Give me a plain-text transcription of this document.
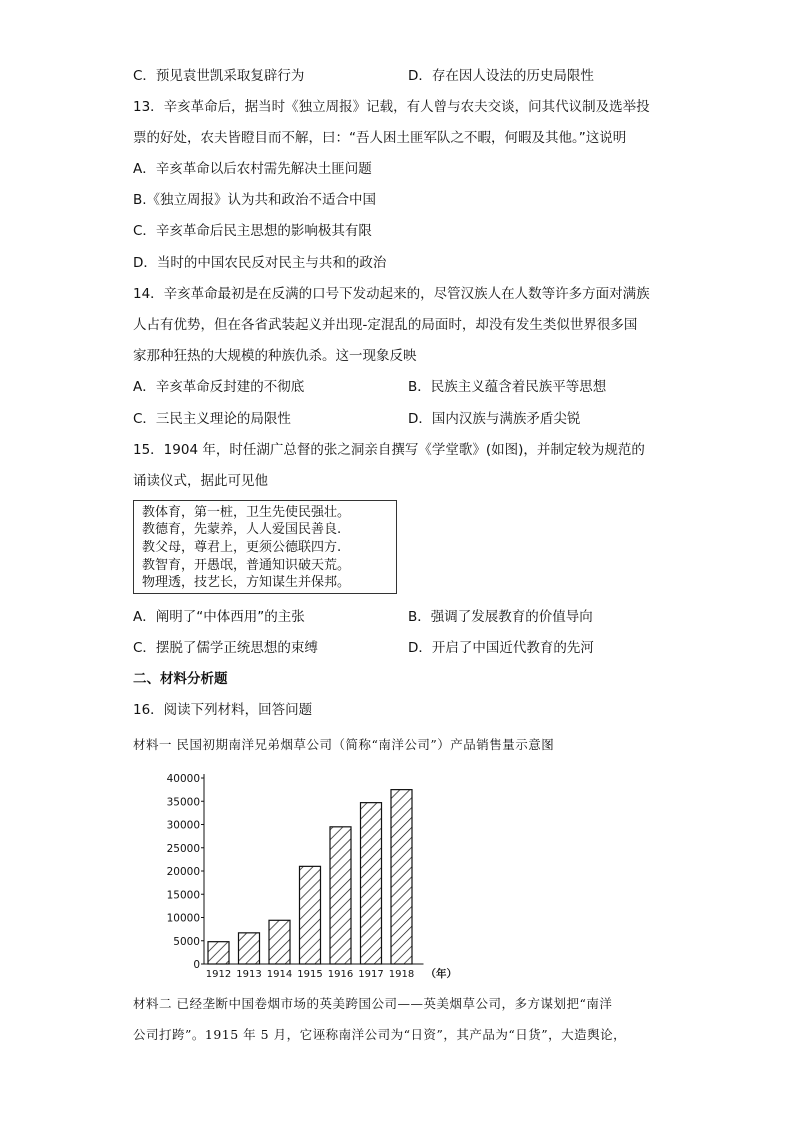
C．预见袁世凯采取复辟行为	D．存在因人设法的历史局限性
13．辛亥革命后，据当时《独立周报》记载，有人曾与农夫交谈，问其代议制及选举投
票的好处，农夫皆瞪目而不解，曰：“吾人困土匪军队之不暇，何暇及其他。”这说明
A．辛亥革命以后农村需先解决土匪问题
B.《独立周报》认为共和政治不适合中国
C．辛亥革命后民主思想的影响极其有限
D．当时的中国农民反对民主与共和的政治
14．辛亥革命最初是在反满的口号下发动起来的，尽管汉族人在人数等许多方面对满族
人占有优势，但在各省武装起义并出现-定混乱的局面时，却没有发生类似世界很多国
家那种狂热的大规模的种族仇杀。这一现象反映
A．辛亥革命反封建的不彻底	B．民族主义蕴含着民族平等思想
C．三民主义理论的局限性	D．国内汉族与满族矛盾尖锐
15．1904 年，时任湖广总督的张之洞亲自撰写《学堂歌》(如图)，并制定较为规范的
诵读仪式，据此可见他
教体育，第一桩，卫生先使民强壮。
教德育，先蒙养，人人爱国民善良.
教父母，尊君上，更须公德联四方.
教智育，开愚氓，普通知识破天荒。
物理透，技艺长，方知谋生并保邦。
A．阐明了“中体西用”的主张	B．强调了发展教育的价值导向
C．摆脱了儒学正统思想的束缚	D．开启了中国近代教育的先河
二、材料分析题
16．阅读下列材料，回答问题
材料一 民国初期南洋兄弟烟草公司（简称“南洋公司”）产品销售量示意图
0
5000
10000
15000
20000
25000
30000
35000
40000
1912 1913 1914 1915 1916 1917 1918 （年）
材料二 已经垄断中国卷烟市场的英美跨国公司——英美烟草公司，多方谋划把“南洋
公司打跨”。1915 年 5 月，它诬称南洋公司为“日资”，其产品为“日货”，大造舆论，
